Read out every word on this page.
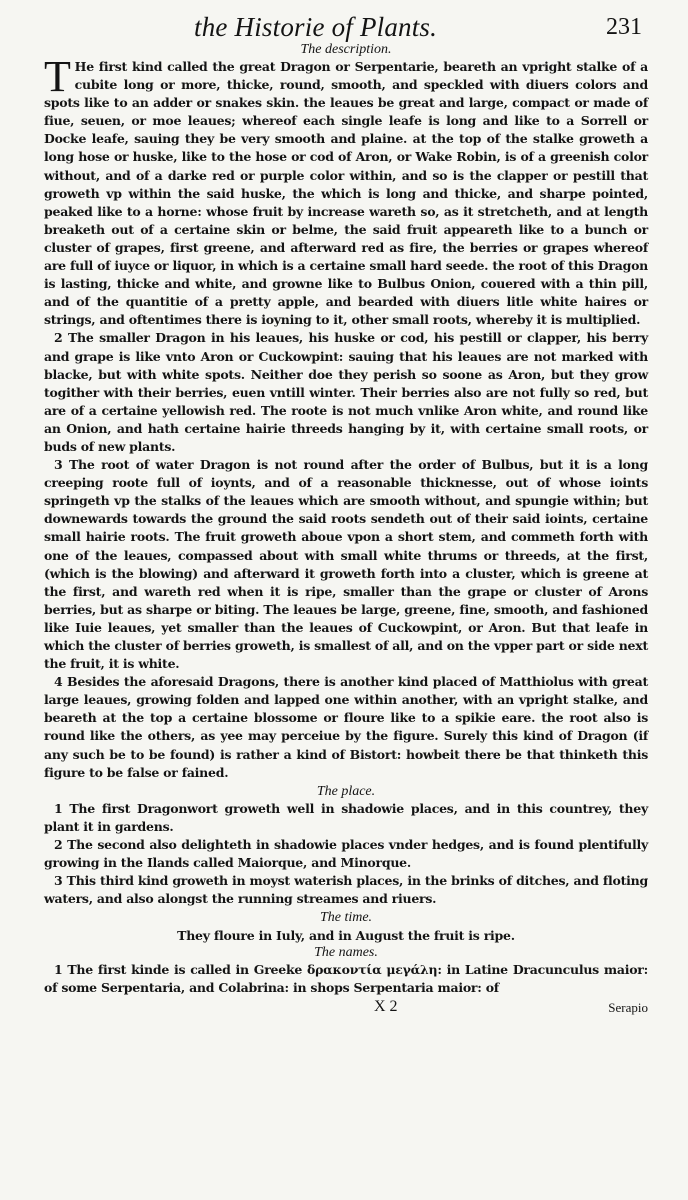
the Historie of Plants.	231
The description.

T He first kind called the great Dragon or Serpentarie, beareth an vpright stalke of a cubite long or more, thicke, round, smooth, and speckled with diuers colors and spots like to an adder or snakes skin. the leaues be great and large, compact or made of fiue, seuen, or moe leaues; whereof each single leafe is long and like to a Sorrell or Docke leafe, sauing they be very smooth and plaine. at the top of the stalke groweth a long hose or huske, like to the hose or cod of Aron, or Wake Robin, is of a greenish color without, and of a darke red or purple color within, and so is the clapper or pestill that groweth vp within the said huske, the which is long and thicke, and sharpe pointed, peaked like to a horne: whose fruit by increase wareth so, as it stretcheth, and at length breaketh out of a certaine skin or belme, the said fruit appeareth like to a bunch or cluster of grapes, first greene, and afterward red as fire, the berries or grapes whereof are full of iuyce or liquor, in which is a certaine small hard seede. the root of this Dragon is lasting, thicke and white, and growne like to Bulbus Onion, couered with a thin pill, and of the quantitie of a pretty apple, and bearded with diuers litle white haires or strings, and oftentimes there is ioyning to it, other small roots, whereby it is multiplied.

2 The smaller Dragon in his leaues, his huske or cod, his pestill or clapper, his berry and grape is like vnto Aron or Cuckowpint: sauing that his leaues are not marked with blacke, but with white spots. Neither doe they perish so soone as Aron, but they grow togither with their berries, euen vntill winter. Their berries also are not fully so red, but are of a certaine yellowish red. The roote is not much vnlike Aron white, and round like an Onion, and hath certaine hairie threeds hanging by it, with certaine small roots, or buds of new plants.

3 The root of water Dragon is not round after the order of Bulbus, but it is a long creeping roote full of ioynts, and of a reasonable thicknesse, out of whose ioints springeth vp the stalks of the leaues which are smooth without, and spungie within; but downewards towards the ground the said roots sendeth out of their said ioints, certaine small hairie roots. The fruit groweth aboue vpon a short stem, and commeth forth with one of the leaues, compassed about with small white thrums or threeds, at the first, (which is the blowing) and afterward it groweth forth into a cluster, which is greene at the first, and wareth red when it is ripe, smaller than the grape or cluster of Arons berries, but as sharpe or biting. The leaues be large, greene, fine, smooth, and fashioned like Iuie leaues, yet smaller than the leaues of Cuckowpint, or Aron. But that leafe in which the cluster of berries groweth, is smallest of all, and on the vpper part or side next the fruit, it is white.

4 Besides the aforesaid Dragons, there is another kind placed of Matthiolus with great large leaues, growing folden and lapped one within another, with an vpright stalke, and beareth at the top a certaine blossome or floure like to a spikie eare. the root also is round like the others, as yee may perceiue by the figure. Surely this kind of Dragon (if any such be to be found) is rather a kind of Bistort: howbeit there be that thinketh this figure to be false or fained.

The place.

1 The first Dragonwort groweth well in shadowie places, and in this countrey, they plant it in gardens.

2 The second also delighteth in shadowie places vnder hedges, and is found plentifully growing in the Ilands called Maiorque, and Minorque.

3 This third kind groweth in moyst waterish places, in the brinks of ditches, and floting waters, and also alongst the running streames and riuers.

The time.
They floure in Iuly, and in August the fruit is ripe.
The names.

1 The first kinde is called in Greeke δρακοντία μεγάλη: in Latine Dracunculus maior: of some Serpentaria, and Colabrina: in shops Serpentaria maior: of

X 2	Serapio
